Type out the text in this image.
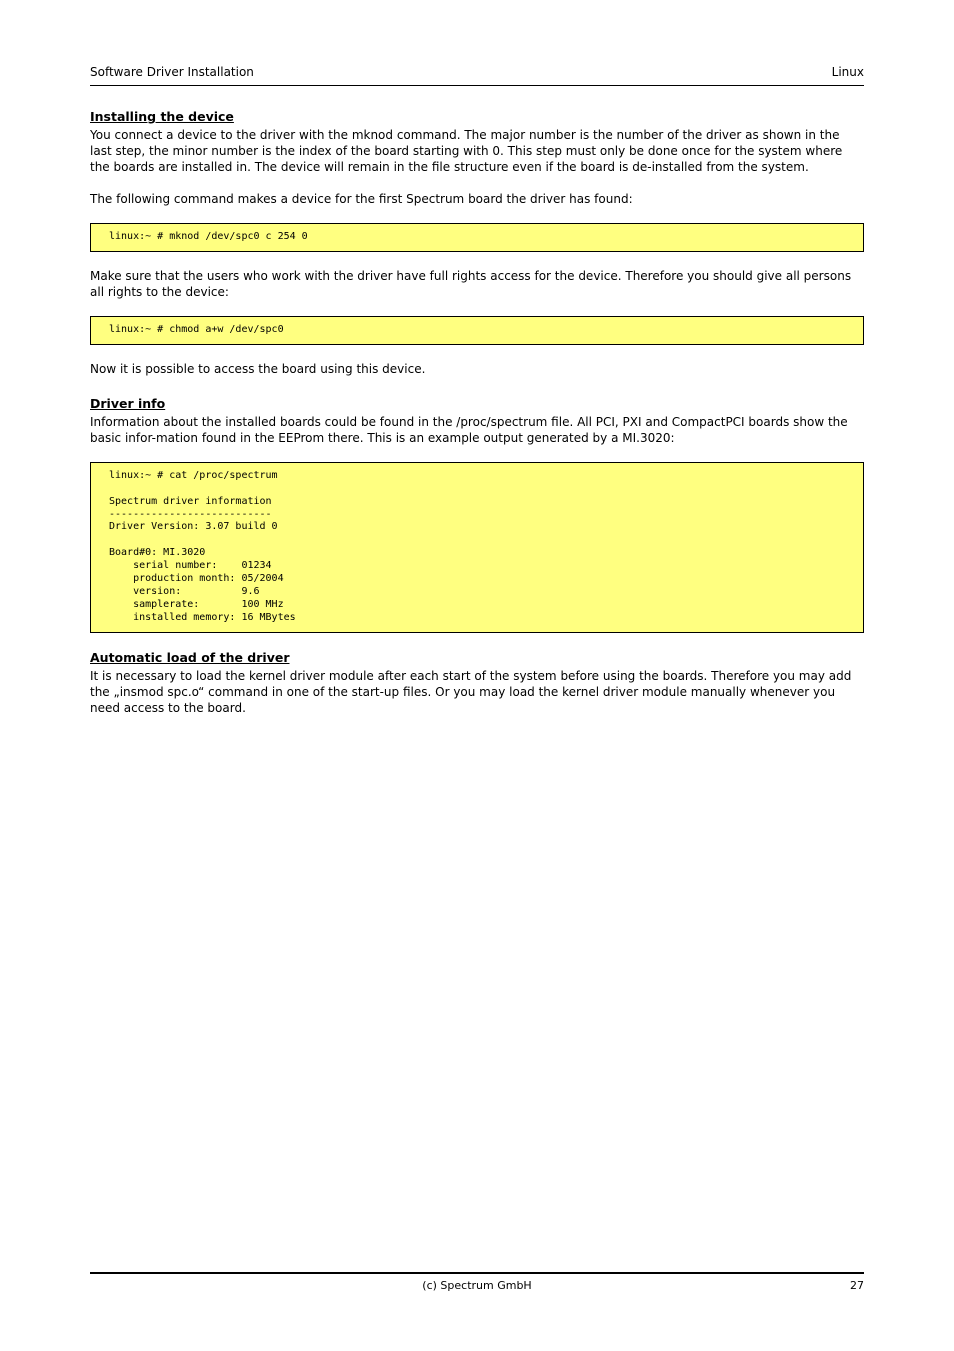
Software Driver Installation	Linux
Installing the device

You connect a device to the driver with the mknod command. The major number is the number of the driver as shown in the last step, the minor number is the index of the board starting with 0. This step must only be done once for the system where the boards are installed in. The device will remain in the file structure even if the board is de-installed from the system.

The following command makes a device for the first Spectrum board the driver has found:

linux:~ # mknod /dev/spc0 c 254 0

Make sure that the users who work with the driver have full rights access for the device. Therefore you should give all persons all rights to the device:

linux:~ # chmod a+w /dev/spc0

Now it is possible to access the board using this device.

Driver info

Information about the installed boards could be found in the /proc/spectrum file. All PCI, PXI and CompactPCI boards show the basic infor-mation found in the EEProm there. This is an example output generated by a MI.3020:

linux:~ # cat /proc/spectrum

Spectrum driver information
---------------------------
Driver Version: 3.07 build 0

Board#0: MI.3020
serial number:    01234
production month: 05/2004
version:          9.6
samplerate:       100 MHz
installed memory: 16 MBytes
Automatic load of the driver

It is necessary to load the kernel driver module after each start of the system before using the boards. Therefore you may add the „insmod spc.o“ command in one of the start-up files. Or you may load the kernel driver module manually whenever you need access to the board.

(c) Spectrum GmbH	27
